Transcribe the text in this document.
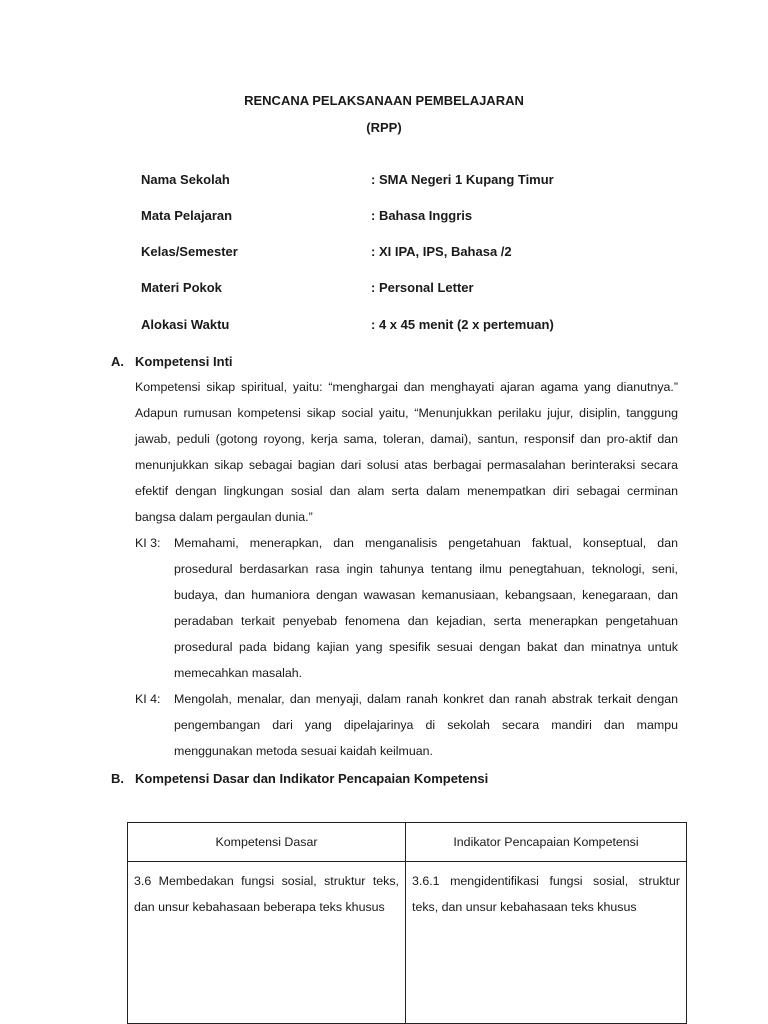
RENCANA PELAKSANAAN PEMBELAJARAN
(RPP)
Nama Sekolah	: SMA Negeri 1 Kupang Timur
Mata Pelajaran	: Bahasa Inggris
Kelas/Semester	: XI IPA, IPS, Bahasa /2
Materi Pokok	: Personal Letter
Alokasi Waktu	: 4 x 45 menit (2 x pertemuan)
A. Kompetensi Inti
Kompetensi sikap spiritual, yaitu: “menghargai dan menghayati ajaran agama yang dianutnya.” Adapun rumusan kompetensi sikap social yaitu, “Menunjukkan perilaku jujur, disiplin, tanggung jawab, peduli (gotong royong, kerja sama, toleran, damai), santun, responsif dan pro-aktif dan menunjukkan sikap sebagai bagian dari solusi atas berbagai permasalahan berinteraksi secara efektif dengan lingkungan sosial dan alam serta dalam menempatkan diri sebagai cerminan bangsa dalam pergaulan dunia.”
KI 3: Memahami, menerapkan, dan menganalisis pengetahuan faktual, konseptual, dan prosedural berdasarkan rasa ingin tahunya tentang ilmu penegtahuan, teknologi, seni, budaya, dan humaniora dengan wawasan kemanusiaan, kebangsaan, kenegaraan, dan peradaban terkait penyebab fenomena dan kejadian, serta menerapkan pengetahuan prosedural pada bidang kajian yang spesifik sesuai dengan bakat dan minatnya untuk memecahkan masalah.
KI 4: Mengolah, menalar, dan menyaji, dalam ranah konkret dan ranah abstrak terkait dengan pengembangan dari yang dipelajarinya di sekolah secara mandiri dan mampu menggunakan metoda sesuai kaidah keilmuan.
B. Kompetensi Dasar dan Indikator Pencapaian Kompetensi
Kompetensi Dasar	Indikator Pencapaian Kompetensi
3.6 Membedakan fungsi sosial, struktur teks, dan unsur kebahasaan beberapa teks khusus	3.6.1 mengidentifikasi fungsi sosial, struktur teks, dan unsur kebahasaan teks khusus
